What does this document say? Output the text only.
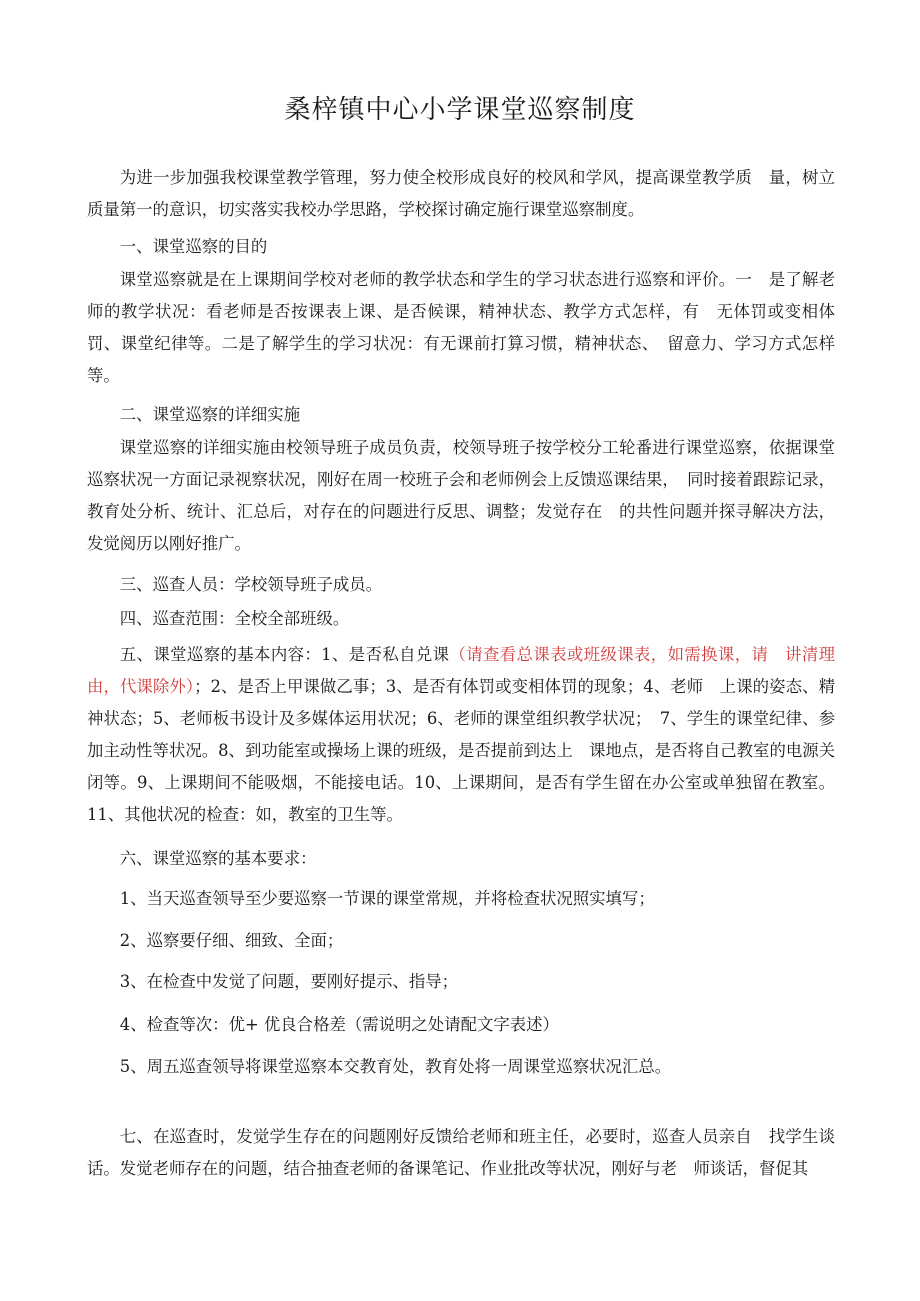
桑梓镇中心小学课堂巡察制度
为进一步加强我校课堂教学管理，努力使全校形成良好的校风和学风，提高课堂教学质　量，树立质量第一的意识，切实落实我校办学思路，学校探讨确定施行课堂巡察制度。
一、课堂巡察的目的
课堂巡察就是在上课期间学校对老师的教学状态和学生的学习状态进行巡察和评价。一　是了解老师的教学状况：看老师是否按课表上课、是否候课，精神状态、教学方式怎样，有　无体罚或变相体罚、课堂纪律等。二是了解学生的学习状况：有无课前打算习惯，精神状态、　留意力、学习方式怎样等。
二、课堂巡察的详细实施
课堂巡察的详细实施由校领导班子成员负责，校领导班子按学校分工轮番进行课堂巡察，依据课堂巡察状况一方面记录视察状况，刚好在周一校班子会和老师例会上反馈巡课结果，　同时接着跟踪记录，教育处分析、统计、汇总后，对存在的问题进行反思、调整；发觉存在　的共性问题并探寻解决方法，发觉阅历以刚好推广。
三、巡查人员：学校领导班子成员。
四、巡查范围：全校全部班级。
五、课堂巡察的基本内容：1、是否私自兑课（请查看总课表或班级课表，如需换课，请　讲清理由，代课除外）；2、是否上甲课做乙事；3、是否有体罚或变相体罚的现象；4、老师　上课的姿态、精神状态；5、老师板书设计及多媒体运用状况；6、老师的课堂组织教学状况；　7、学生的课堂纪律、参加主动性等状况。8、到功能室或操场上课的班级，是否提前到达上　课地点，是否将自己教室的电源关闭等。9、上课期间不能吸烟，不能接电话。10、上课期间，是否有学生留在办公室或单独留在教室。11、其他状况的检查：如，教室的卫生等。
六、课堂巡察的基本要求：
1、当天巡查领导至少要巡察一节课的课堂常规，并将检查状况照实填写；
2、巡察要仔细、细致、全面；
3、在检查中发觉了问题，要刚好提示、指导；
4、检查等次：优+ 优良合格差（需说明之处请配文字表述）
5、周五巡查领导将课堂巡察本交教育处，教育处将一周课堂巡察状况汇总。
七、在巡查时，发觉学生存在的问题刚好反馈给老师和班主任，必要时，巡查人员亲自　找学生谈话。发觉老师存在的问题，结合抽查老师的备课笔记、作业批改等状况，刚好与老　师谈话，督促其
